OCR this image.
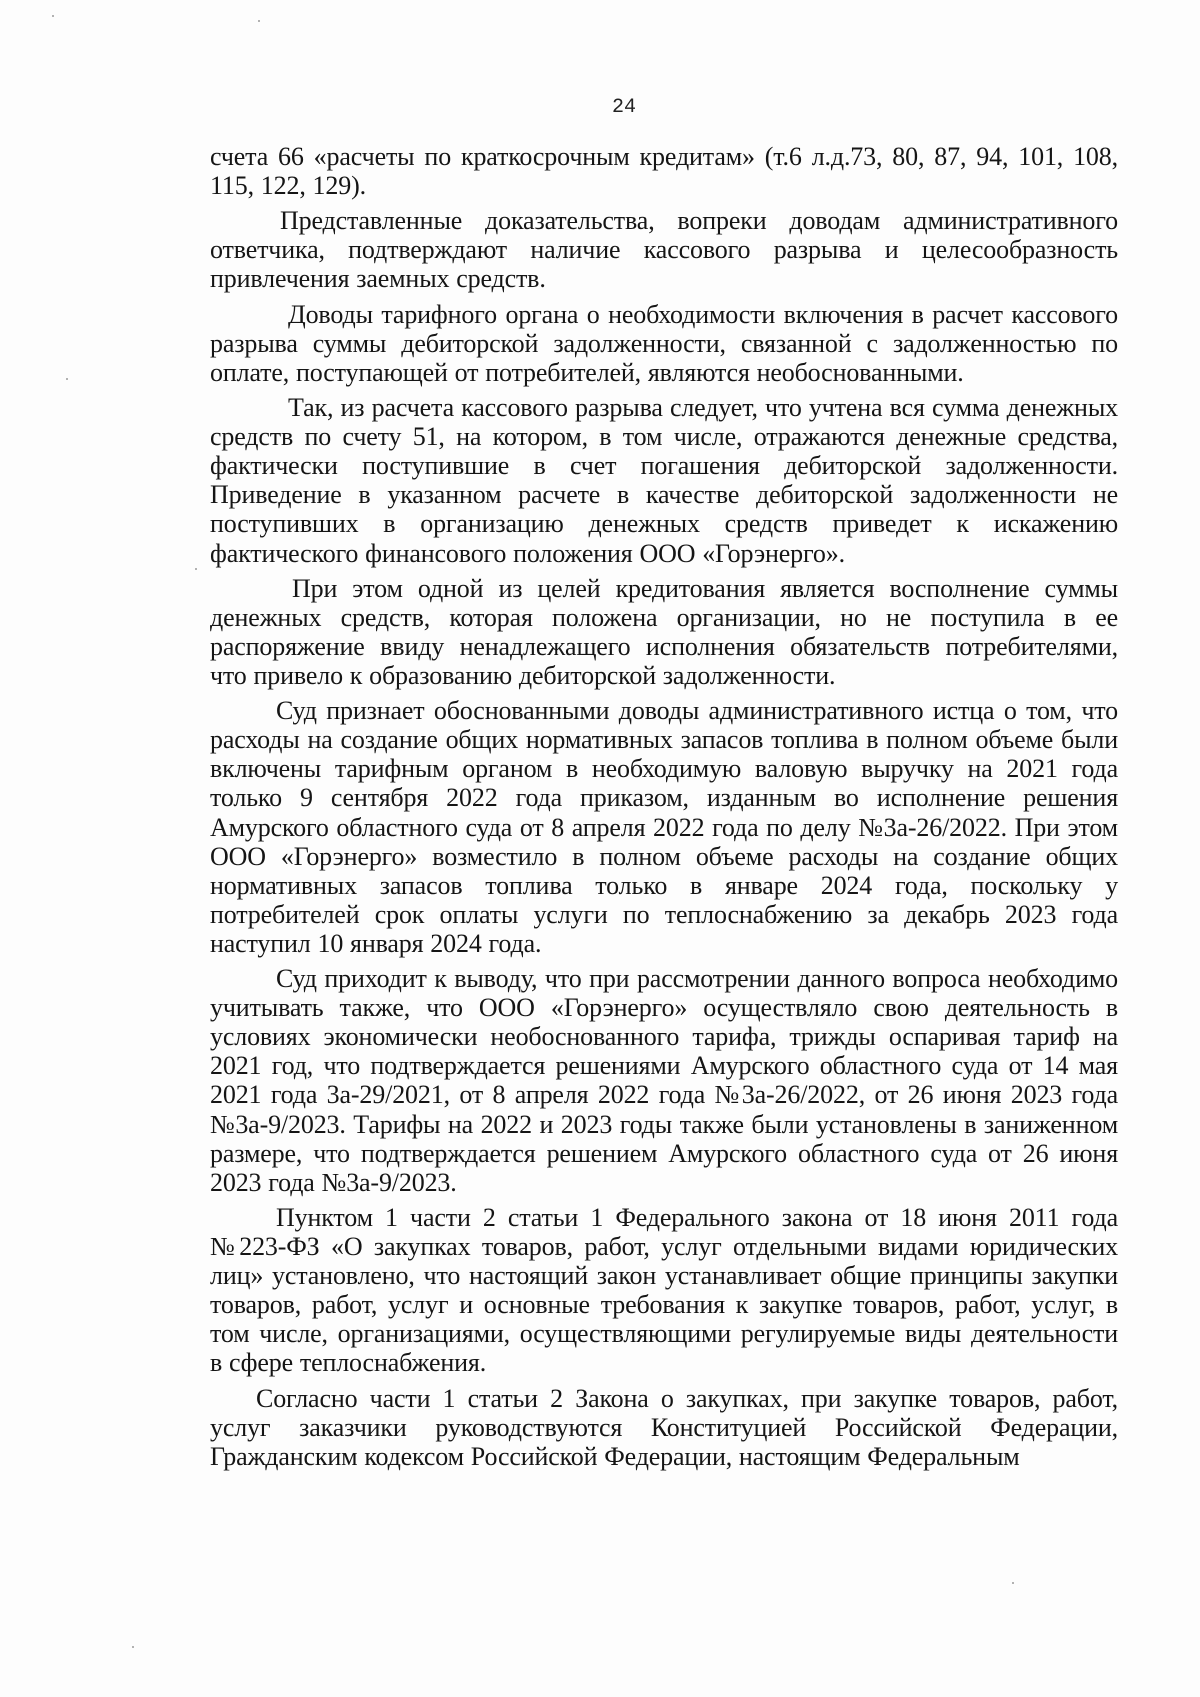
24

счета 66 «расчеты по краткосрочным кредитам» (т.6 л.д.73, 80, 87, 94, 101, 108, 115, 122, 129).

Представленные доказательства, вопреки доводам административного ответчика, подтверждают наличие кассового разрыва и целесообразность привлечения заемных средств.

Доводы тарифного органа о необходимости включения в расчет кассового разрыва суммы дебиторской задолженности, связанной с задолженностью по оплате, поступающей от потребителей, являются необоснованными.

Так, из расчета кассового разрыва следует, что учтена вся сумма денежных средств по счету 51, на котором, в том числе, отражаются денежные средства, фактически поступившие в счет погашения дебиторской задолженности. Приведение в указанном расчете в качестве дебиторской задолженности не поступивших в организацию денежных средств приведет к искажению фактического финансового положения ООО «Горэнерго».

При этом одной из целей кредитования является восполнение суммы денежных средств, которая положена организации, но не поступила в ее распоряжение ввиду ненадлежащего исполнения обязательств потребителями, что привело к образованию дебиторской задолженности.

Суд признает обоснованными доводы административного истца о том, что расходы на создание общих нормативных запасов топлива в полном объеме были включены тарифным органом в необходимую валовую выручку на 2021 года только 9 сентября 2022 года приказом, изданным во исполнение решения Амурского областного суда от 8 апреля 2022 года по делу №3а-26/2022. При этом ООО «Горэнерго» возместило в полном объеме расходы на создание общих нормативных запасов топлива только в январе 2024 года, поскольку у потребителей срок оплаты услуги по теплоснабжению за декабрь 2023 года наступил 10 января 2024 года.

Суд приходит к выводу, что при рассмотрении данного вопроса необходимо учитывать также, что ООО «Горэнерго» осуществляло свою деятельность в условиях экономически необоснованного тарифа, трижды оспаривая тариф на 2021 год, что подтверждается решениями Амурского областного суда от 14 мая 2021 года 3а-29/2021, от 8 апреля 2022 года №3а-26/2022, от 26 июня 2023 года №3а-9/2023. Тарифы на 2022 и 2023 годы также были установлены в заниженном размере, что подтверждается решением Амурского областного суда от 26 июня 2023 года №3а-9/2023.

Пунктом 1 части 2 статьи 1 Федерального закона от 18 июня 2011 года №223-ФЗ «О закупках товаров, работ, услуг отдельными видами юридических лиц» установлено, что настоящий закон устанавливает общие принципы закупки товаров, работ, услуг и основные требования к закупке товаров, работ, услуг, в том числе, организациями, осуществляющими регулируемые виды деятельности в сфере теплоснабжения.

Согласно части 1 статьи 2 Закона о закупках, при закупке товаров, работ, услуг заказчики руководствуются Конституцией Российской Федерации, Гражданским кодексом Российской Федерации, настоящим Федеральным
